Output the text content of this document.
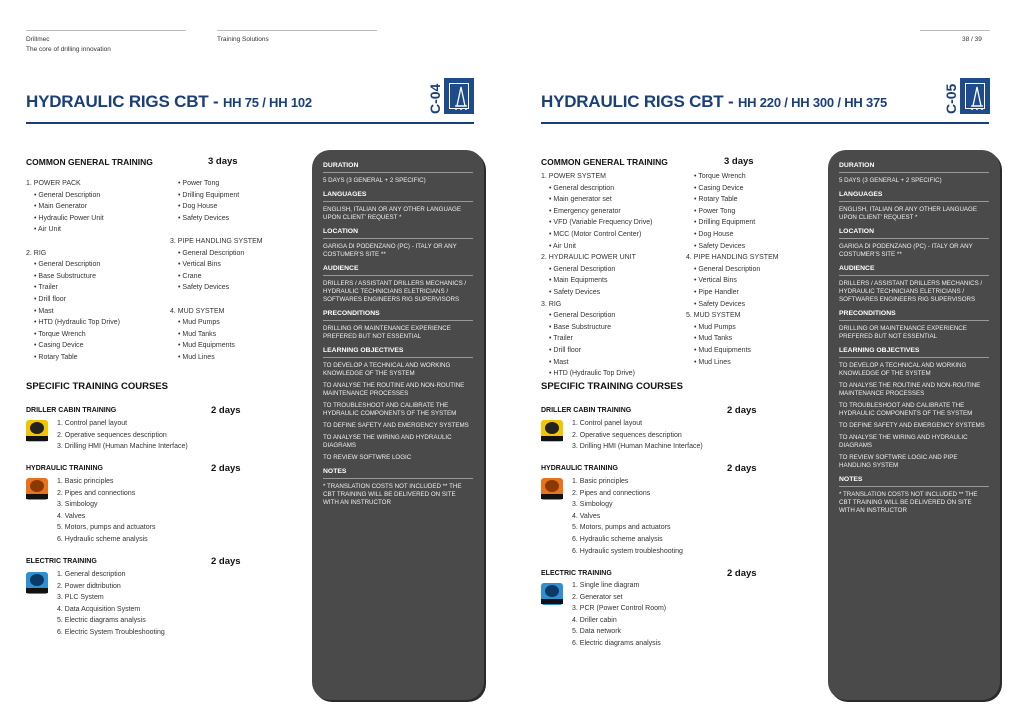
Drillmec
The core of drilling innovation
Training Solutions	38 / 39
HYDRAULIC RIGS CBT - HH 75 / HH 102	C-04
COMMON GENERAL TRAINING	3 days
1. POWER PACK
• General Description
• Main Generator
• Hydraulic Power Unit
• Air Unit

2. RIG
• General Description
• Base Substructure
• Trailer
• Drill floor
• Mast
• HTD (Hydraulic Top Drive)
• Torque Wrench
• Casing Device
• Rotary Table
• Power Tong
• Drilling Equipment
• Dog House
• Safety Devices

3. PIPE HANDLING SYSTEM
• General Description
• Vertical Bins
• Crane
• Safety Devices

4. MUD SYSTEM
• Mud Pumps
• Mud Tanks
• Mud Equipments
• Mud Lines
SPECIFIC TRAINING COURSES
DRILLER CABIN TRAINING	2 days
1. Control panel layout
2. Operative sequences description
3. Drilling HMI (Human Machine Interface)
HYDRAULIC TRAINING	2 days
1. Basic principles
2. Pipes and connections
3. Simbology
4. Valves
5. Motors, pumps and actuators
6. Hydraulic scheme analysis
ELECTRIC TRAINING	2 days
1. General description
2. Power didtribution
3. PLC System
4. Data Acquisition System
5. Electric diagrams analysis
6. Electric System Troubleshooting
DURATION
5 DAYS (3 GENERAL + 2 SPECIFIC)
LANGUAGES
ENGLISH, ITALIAN OR ANY OTHER LANGUAGE UPON CLIENT' REQUEST *
LOCATION
GARIGA DI PODENZANO (PC) - ITALY OR ANY COSTUMER'S SITE **
AUDIENCE
DRILLERS / ASSISTANT DRILLERS MECHANICS / HYDRAULIC TECHNICIANS ELETRICIANS / SOFTWARES ENGINEERS RIG SUPERVISORS
PRECONDITIONS
DRILLING OR MAINTENANCE EXPERIENCE PREFERED BUT NOT ESSENTIAL
LEARNING OBJECTIVES
TO DEVELOP A TECHNICAL AND WORKING KNOWLEDGE OF THE SYSTEM
TO ANALYSE THE ROUTINE AND NON-ROUTINE MAINTENANCE PROCESSES
TO TROUBLESHOOT AND CALIBRATE THE HYDRAULIC COMPONENTS OF THE SYSTEM
TO DEFINE SAFETY AND EMERGENCY SYSTEMS
TO ANALYSE THE WIRING AND HYDRAULIC DIAGRAMS
TO REVIEW SOFTWRE LOGIC
NOTES
* TRANSLATION COSTS NOT INCLUDED ** THE CBT TRAINING WILL BE DELIVERED ON SITE WITH AN INSTRUCTOR
HYDRAULIC RIGS CBT - HH 220 / HH 300 / HH 375	C-05
COMMON GENERAL TRAINING	3 days
1. POWER SYSTEM
• General description
• Main generator set
• Emergency generator
• VFD (Variable Frequency Drive)
• MCC (Motor Control Center)
• Air Unit
2. HYDRAULIC POWER UNIT
• General Description
• Main Equipments
• Safety Devices
3. RIG
• General Description
• Base Substructure
• Trailer
• Drill floor
• Mast
• HTD (Hydraulic Top Drive)
• Torque Wrench
• Casing Device
• Rotary Table
• Power Tong
• Drilling Equipment
• Dog House
• Safety Devices
4. PIPE HANDLING SYSTEM
• General Description
• Vertical Bins
• Pipe Handler
• Safety Devices
5. MUD SYSTEM
• Mud Pumps
• Mud Tanks
• Mud Equipments
• Mud Lines
SPECIFIC TRAINING COURSES
DRILLER CABIN TRAINING	2 days
1. Control panel layout
2. Operative sequences description
3. Drilling HMI (Human Machine Interface)
HYDRAULIC TRAINING	2 days
1. Basic principles
2. Pipes and connections
3. Simbology
4. Valves
5. Motors, pumps and actuators
6. Hydraulic scheme analysis
6. Hydraulic system troubleshooting
ELECTRIC TRAINING	2 days
1. Single line diagram
2. Generator set
3. PCR (Power Control Room)
4. Driller cabin
5. Data network
6. Electric diagrams analysis
DURATION
5 DAYS (3 GENERAL + 2 SPECIFIC)
LANGUAGES
ENGLISH, ITALIAN OR ANY OTHER LANGUAGE UPON CLIENT' REQUEST *
LOCATION
GARIGA DI PODENZANO (PC) - ITALY OR ANY COSTUMER'S SITE **
AUDIENCE
DRILLERS / ASSISTANT DRILLERS MECHANICS / HYDRAULIC TECHNICIANS ELETRICIANS / SOFTWARES ENGINEERS RIG SUPERVISORS
PRECONDITIONS
DRILLING OR MAINTENANCE EXPERIENCE PREFERED BUT NOT ESSENTIAL
LEARNING OBJECTIVES
TO DEVELOP A TECHNICAL AND WORKING KNOWLEDGE OF THE SYSTEM
TO ANALYSE THE ROUTINE AND NON-ROUTINE MAINTENANCE PROCESSES
TO TROUBLESHOOT AND CALIBRATE THE HYDRAULIC COMPONENTS OF THE SYSTEM
TO DEFINE SAFETY AND EMERGENCY SYSTEMS
TO ANALYSE THE WIRING AND HYDRAULIC DIAGRAMS
TO REVIEW SOFTWRE LOGIC AND PIPE HANDLING SYSTEM
NOTES
* TRANSLATION COSTS NOT INCLUDED ** THE CBT TRAINING WILL BE DELIVERED ON SITE WITH AN INSTRUCTOR
